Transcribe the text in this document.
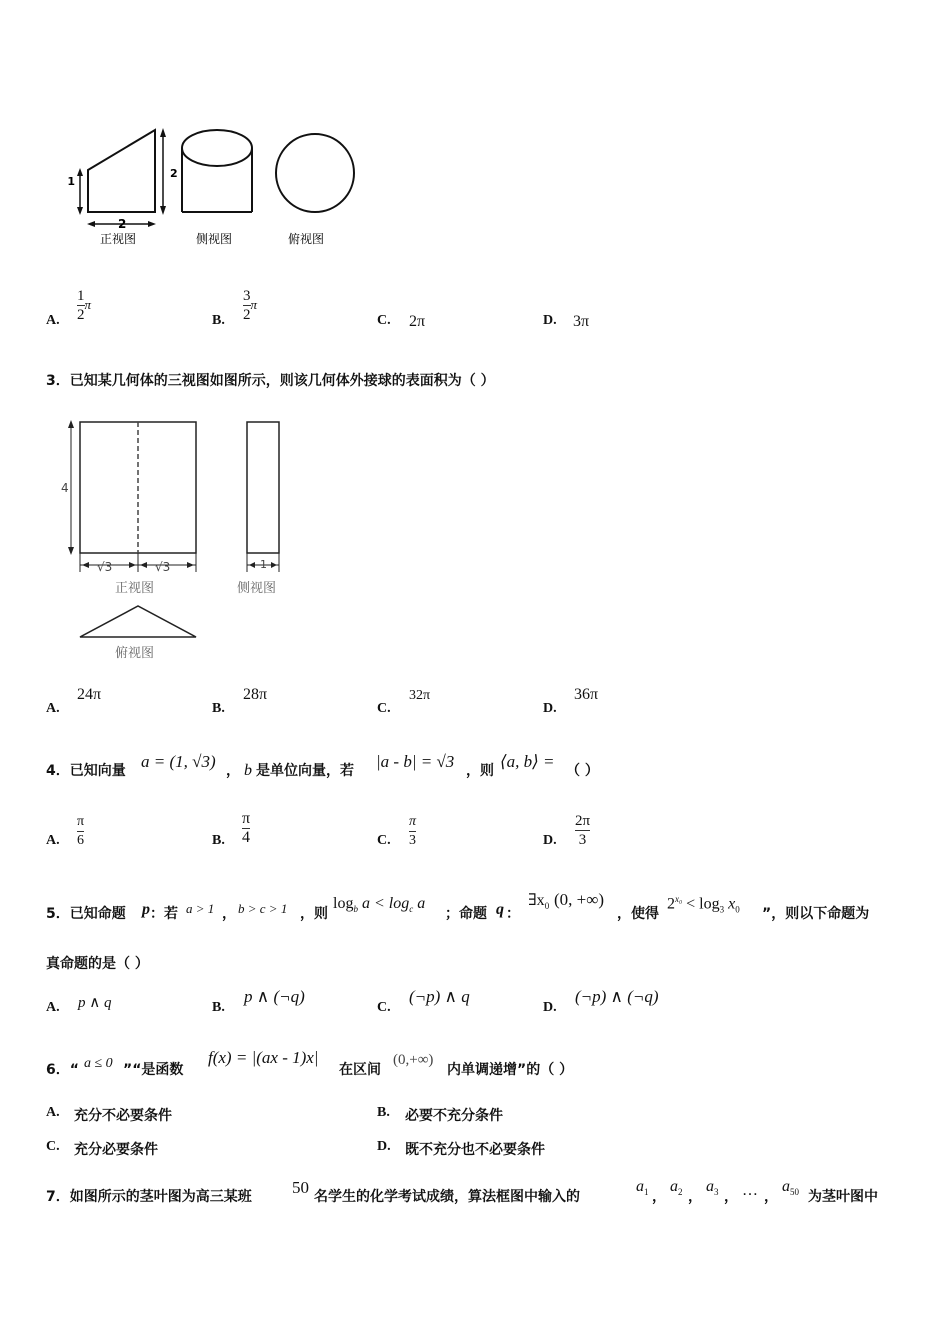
1
2
2
正视图	侧视图	俯视图
A.
1
2
π
B.
3
2
π
C. 2π	D. 3π
3．已知某几何体的三视图如图所示，则该几何体外接球的表面积为（ ）
4
√3	√3
正视图
1
侧视图
俯视图
A.
24π
B.
28π
C.
32π
D.
36π
4．已知向量 a = (1, √3) ， b 是单位向量，若 |a - b| = √3 ，则 ⟨a, b⟩ = （ ）
A.
π
6	B.
π
4	C.
π
3	D.
2π
3
5．已知命题 p ：若 a > 1 ， b > c > 1 ，则
$\log_b a < \log_c a$
；命题 q ：
$\exists x_0$ (0, +∞)
，使得
$2^{x_0} < \log_3 x_0$ ”，则以下命题为
真命题的是（ ）
A. p ∧ q	B.
p ∧ (¬q)
C.
(¬p) ∧ q
D.
(¬p) ∧ (¬q)
6．“ a ≤ 0 ”“是函数
f(x) = |(ax - 1)x|
在区间
(0,+∞)
内单调递增”的（ ）
A. 充分不必要条件	B. 必要不充分条件
C. 充分必要条件	D. 既不充分也不必要条件
7．如图所示的茎叶图为高三某班 50 名学生的化学考试成绩，算法框图中输入的
$a_1$ ，
$a_2$ ，
$a_3$ ， … ，
$a_{50}$ 为茎叶图中
